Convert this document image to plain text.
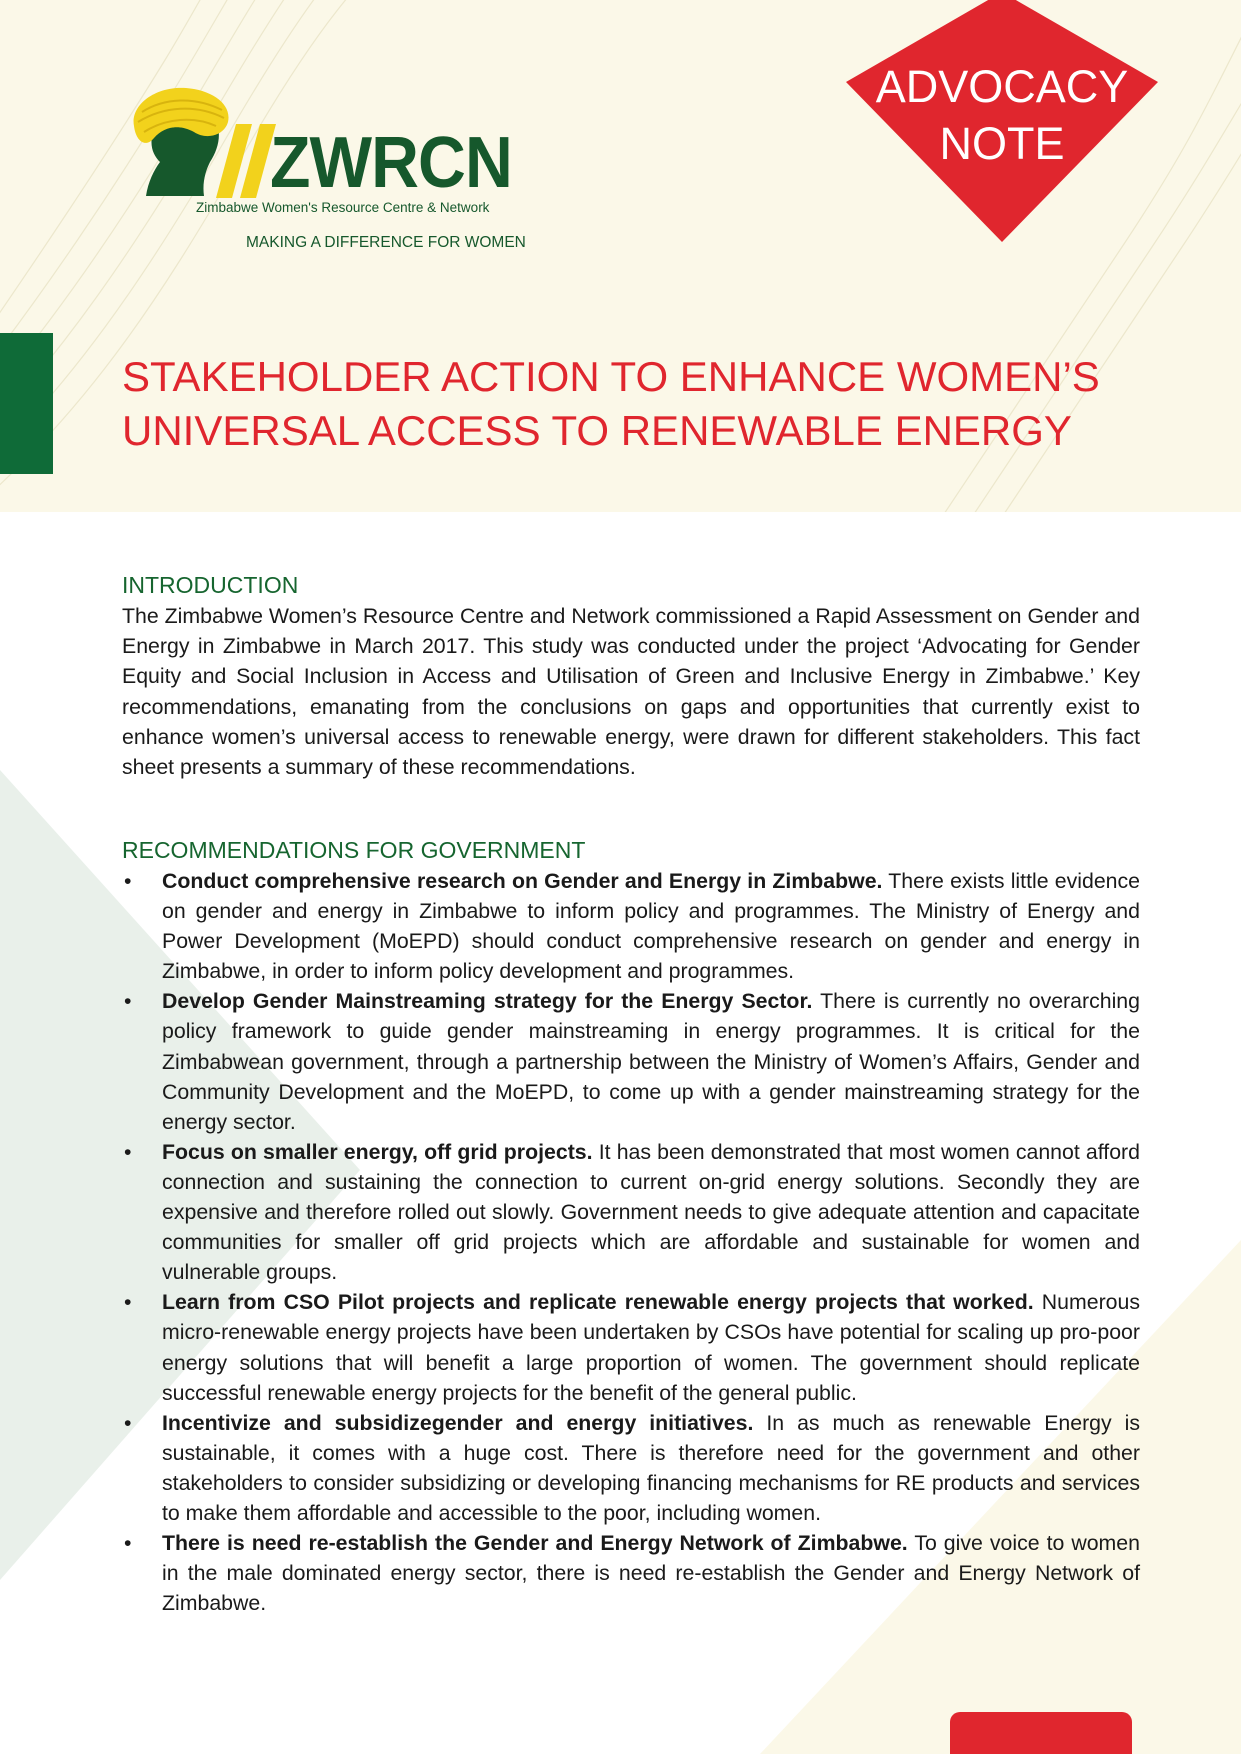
ADVOCACY
NOTE
ZWRCN
Zimbabwe Women's Resource Centre & Network
MAKING A DIFFERENCE FOR WOMEN
STAKEHOLDER ACTION TO ENHANCE WOMEN’S
UNIVERSAL ACCESS TO RENEWABLE ENERGY
INTRODUCTION
The Zimbabwe Women’s Resource Centre and Network commissioned a Rapid Assessment on Gender and Energy in Zimbabwe in March 2017. This study was conducted under the project ‘Advocating for Gender Equity and Social Inclusion in Access and Utilisation of Green and Inclusive Energy in Zimbabwe.’ Key recommendations, emanating from the conclusions on gaps and opportunities that currently exist to enhance women’s universal access to renewable energy, were drawn for different stakeholders. This fact sheet presents a summary of these recommendations.
RECOMMENDATIONS FOR GOVERNMENT
• Conduct comprehensive research on Gender and Energy in Zimbabwe. There exists little evidence on gender and energy in Zimbabwe to inform policy and programmes. The Ministry of Energy and Power Development (MoEPD) should conduct comprehensive research on gender and energy in Zimbabwe, in order to inform policy development and programmes.
• Develop Gender Mainstreaming strategy for the Energy Sector. There is currently no overarching policy framework to guide gender mainstreaming in energy programmes. It is critical for the Zimbabwean government, through a partnership between the Ministry of Women’s Affairs, Gender and Community Development and the MoEPD, to come up with a gender mainstreaming strategy for the energy sector.
• Focus on smaller energy, off grid projects. It has been demonstrated that most women cannot afford connection and sustaining the connection to current on-grid energy solutions. Secondly they are expensive and therefore rolled out slowly. Government needs to give adequate attention and capacitate communities for smaller off grid projects which are affordable and sustainable for women and vulnerable groups.
• Learn from CSO Pilot projects and replicate renewable energy projects that worked. Numerous micro-renewable energy projects have been undertaken by CSOs have potential for scaling up pro-poor energy solutions that will benefit a large proportion of women. The government should replicate successful renewable energy projects for the benefit of the general public.
• Incentivize and subsidizegender and energy initiatives. In as much as renewable Energy is sustainable, it comes with a huge cost. There is therefore need for the government and other stakeholders to consider subsidizing or developing financing mechanisms for RE products and services to make them affordable and accessible to the poor, including women.
• There is need re-establish the Gender and Energy Network of Zimbabwe. To give voice to women in the male dominated energy sector, there is need re-establish the Gender and Energy Network of Zimbabwe.
